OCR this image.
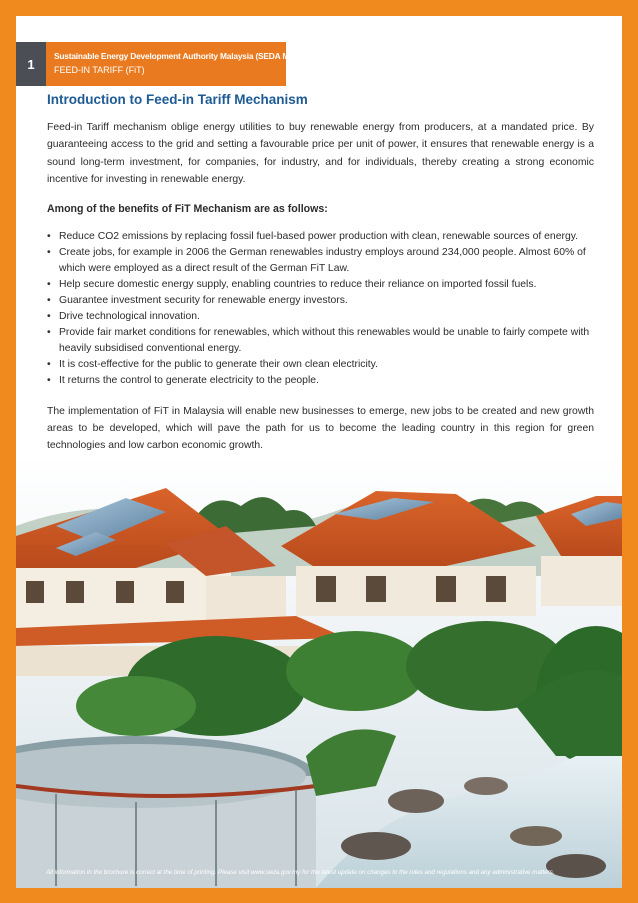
1
Sustainable Energy Development Authority Malaysia (SEDA Malaysia)
FEED-IN TARIFF (FiT)
Introduction to Feed-in Tariff Mechanism

Feed-in Tariff mechanism oblige energy utilities to buy renewable energy from producers, at a mandated price. By guaranteeing access to the grid and setting a favourable price per unit of power, it ensures that renewable energy is a sound long-term investment, for companies, for industry, and for individuals, thereby creating a strong economic incentive for investing in renewable energy.

Among of the benefits of FiT Mechanism are as follows:
• Reduce CO2 emissions by replacing fossil fuel-based power production with clean, renewable sources of energy.
• Create jobs, for example in 2006 the German renewables industry employs around 234,000 people. Almost 60% of which were employed as a direct result of the German FiT Law.
• Help secure domestic energy supply, enabling countries to reduce their reliance on imported fossil fuels.
• Guarantee investment security for renewable energy investors.
• Drive technological innovation.
• Provide fair market conditions for renewables, which without this renewables would be unable to fairly compete with heavily subsidised conventional energy.
• It is cost-effective for the public to generate their own clean electricity.
• It returns the control to generate electricity to the people.

The implementation of FiT in Malaysia will enable new businesses to emerge, new jobs to be created and new growth areas to be developed, which will pave the path for us to become the leading country in this region for green technologies and low carbon economic growth.

All information in the brochure is correct at the time of printing. Please visit www.seda.gov.my for the latest update on changes to the rules and regulations and any administrative matters.
